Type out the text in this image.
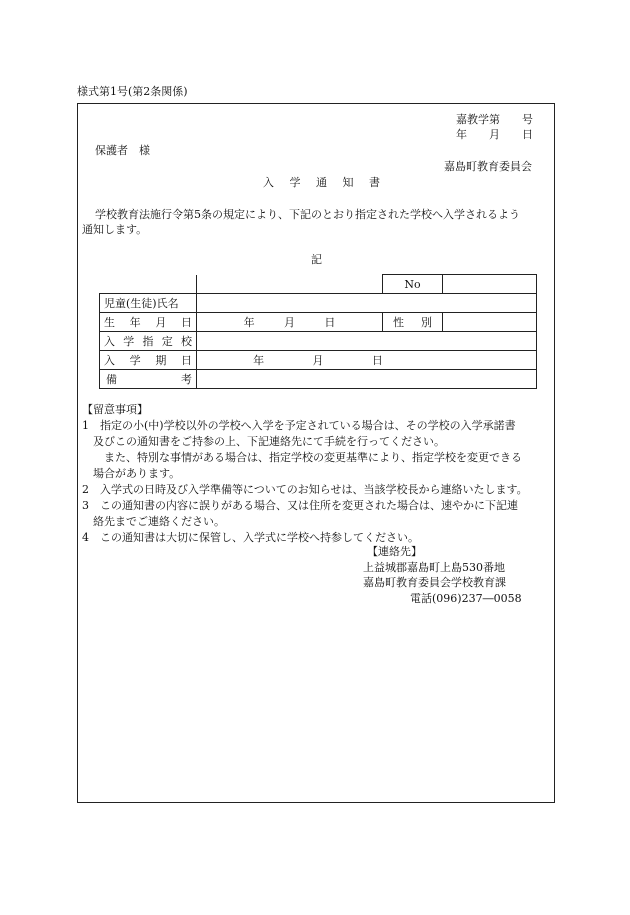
様式第1号(第2条関係)
嘉教学第　　号
年　　月　　日
保護者　様
嘉島町教育委員会
入 学 通 知 書
学校教育法施行令第5条の規定により、下記のとおり指定された学校へ入学されるよう
通知します。
記
		No	
児童(生徒)氏名			

生 年 月 日	年 月 日	性 別	

入 学 指 定 校			

入 学 期 日	年 月 日		

備 考			

【留意事項】
1　指定の小(中)学校以外の学校へ入学を予定されている場合は、その学校の入学承諾書
及びこの通知書をご持参の上、下記連絡先にて手続を行ってください。
　また、特別な事情がある場合は、指定学校の変更基準により、指定学校を変更できる
場合があります。
2　入学式の日時及び入学準備等についてのお知らせは、当該学校長から連絡いたします。
3　この通知書の内容に誤りがある場合、又は住所を変更された場合は、速やかに下記連
絡先までご連絡ください。
4　この通知書は大切に保管し、入学式に学校へ持参してください。
【連絡先】
上益城郡嘉島町上島530番地
嘉島町教育委員会学校教育課
電話(096)237―0058
